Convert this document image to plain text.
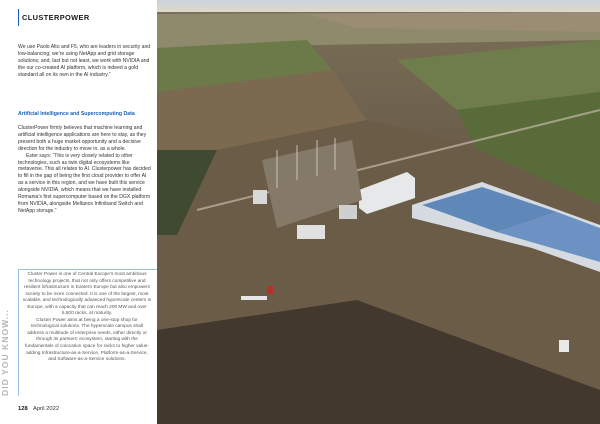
CLUSTERPOWER

We use Paolo Alto and F5, who are leaders in security and low-balancing; we’re using NetApp and grid storage solutions; and, last but not least, we work with NVIDIA and the our co-created AI platform, which is indeed a gold standard all on its own in the AI industry.”

Artificial Intelligence and Supercomputing Data

ClusterPower firmly believes that machine learning and artificial intelligence applications are here to stay, as they present both a huge market opportunity and a decisive direction for the industry to move in, as a whole.

Ester says: “This is very closely related to other technologies, such as twin digital ecosystems like metaverse. This all relates to AI. Clusterpower has decided to fill in the gap of being the first cloud provider to offer AI as a service in this region, and we have built this service alongside NVIDIA, which means that we have installed Romania’s first supercomputer based on the DGX platform from NVIDIA, alongside Mellanox Infiniband Switch and NetApp storage.”

DID YOU KNOW...

Cluster Power is one of Central Europe’s most ambitious technology projects, that not only offers competitive and resilient infrastructure in Eastern Europe but also empowers society to be more connected. It is one of the largest, most scalable, and technologically advanced hyperscale centers in Europe, with a capacity that can reach 200 MW and over 6,500 racks, at maturity.

Cluster Power aims at being a one-stop shop for technological solutions. The hyperscale campus shall address a multitude of enterprise needs, either directly or through its partners’ ecosystem, starting with the fundamentals of colocation space for racks to higher value-adding Infrastructure-as-a-Service, Platform-as-a-Service, and Software-as-a-Service solutions.

128 April 2022
